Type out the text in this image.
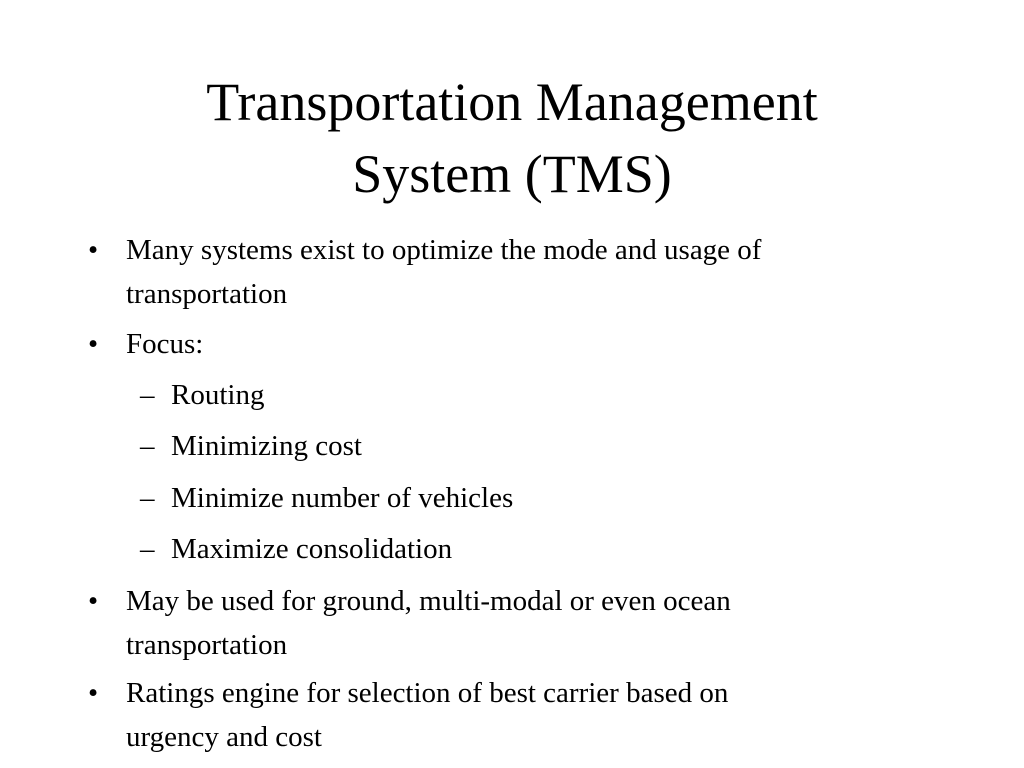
Transportation Management
System (TMS)
• Many systems exist to optimize the mode and usage of
transportation
• Focus:
– Routing
– Minimizing cost
– Minimize number of vehicles
– Maximize consolidation
• May be used for ground, multi-modal or even ocean
transportation
• Ratings engine for selection of best carrier based on
urgency and cost
